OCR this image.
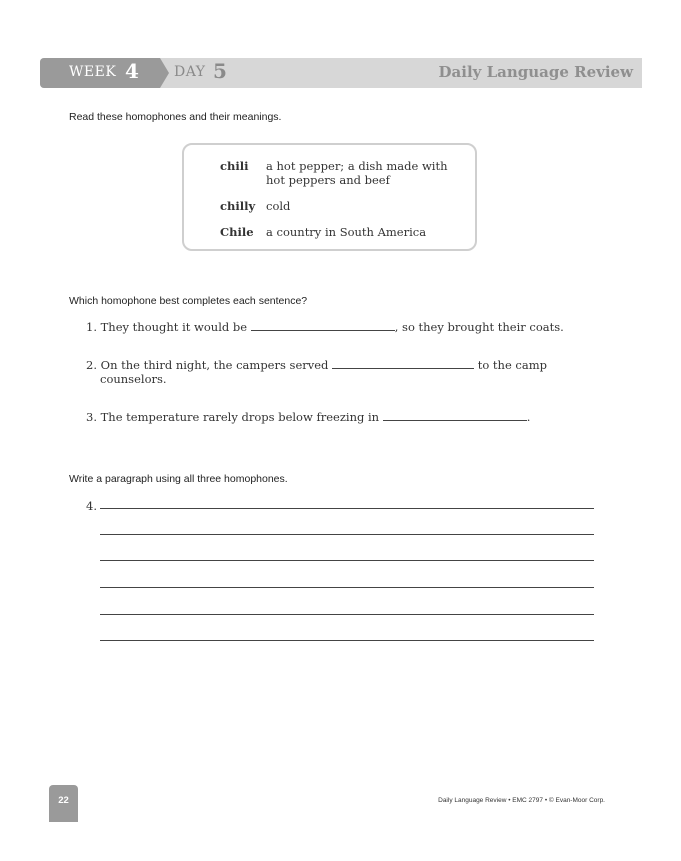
WEEK 4	DAY 5	Daily Language Review
Read these homophones and their meanings.
chili	a hot pepper; a dish made with hot peppers and beef
chilly cold
Chile	a country in South America
Which homophone best completes each sentence?
1. They thought it would be	, so they brought their coats.
2. On the third night, the campers served	to the camp
counselors.
3. The temperature rarely drops below freezing in	.
Write a paragraph using all three homophones.
4.
22	Daily Language Review • EMC 2797 • © Evan-Moor Corp.
